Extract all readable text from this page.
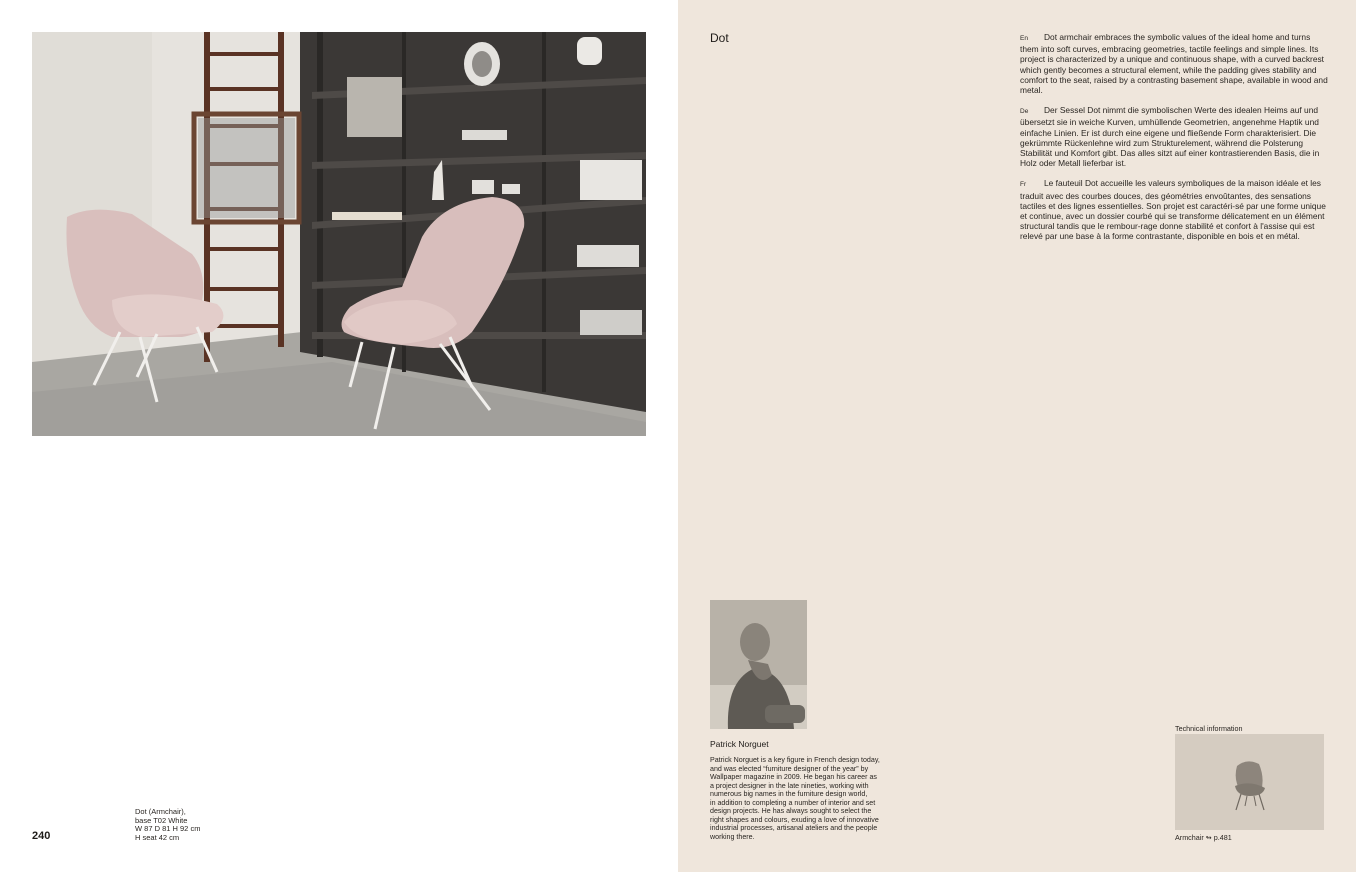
Dot (Armchair),
base T02 White
W 87 D 81 H 92 cm
H seat 42 cm
240
Dot	En Dot armchair embraces the symbolic values of the ideal home and turns them into soft curves, embracing geometries, tactile feelings and simple lines. Its project is characterized by a unique and continuous shape, with a curved backrest which gently becomes a structural element, while the padding gives stability and comfort to the seat, raised by a contrasting basement shape, available in wood and metal.

De Der Sessel Dot nimmt die symbolischen Werte des idealen Heims auf und übersetzt sie in weiche Kurven, umhüllende Geometrien, angenehme Haptik und einfache Linien. Er ist durch eine eigene und fließende Form charakterisiert. Die gekrümmte Rückenlehne wird zum Strukturelement, während die Polsterung Stabilität und Komfort gibt. Das alles sitzt auf einer kontrastierenden Basis, die in Holz oder Metall lieferbar ist.

Fr Le fauteuil Dot accueille les valeurs symboliques de la maison idéale et les traduit avec des courbes douces, des géométries envoûtantes, des sensations tactiles et des lignes essentielles. Son projet est caractéri-sé par une forme unique et continue, avec un dossier courbé qui se transforme délicatement en un élément structural tandis que le rembour-rage donne stabilité et confort à l'assise qui est relevé par une base à la forme contrastante, disponible en bois et en métal.

Patrick Norguet
Patrick Norguet is a key figure in French design today,
and was elected “furniture designer of the year” by
Wallpaper magazine in 2009. He began his career as
a project designer in the late nineties, working with
numerous big names in the furniture design world,
in addition to completing a number of interior and set
design projects. He has always sought to select the
right shapes and colours, exuding a love of innovative
industrial processes, artisanal ateliers and the people
working there.
Technical information
Armchair ↬ p.481
